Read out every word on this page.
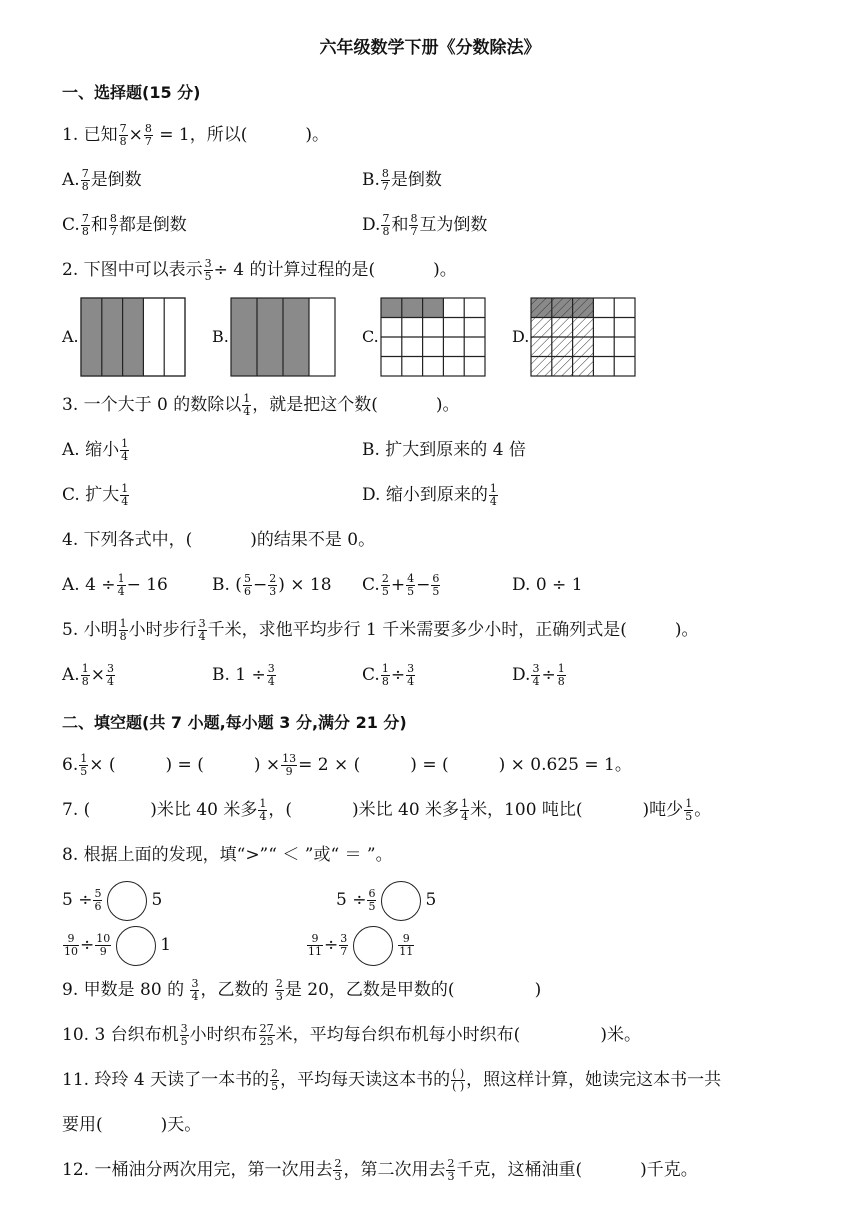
六年级数学下册《分数除法》
一、选择题(15 分)
1. 已知 $\frac{7}{8} \times \frac{8}{7} = 1$，所以(	)。
A. $\frac{7}{8}$ 是倒数	B. $\frac{8}{7}$ 是倒数
C. $\frac{7}{8}$ 和 $\frac{8}{7}$ 都是倒数	D. $\frac{7}{8}$ 和 $\frac{8}{7}$ 互为倒数
2. 下图中可以表示 $\frac{3}{5} \div 4$ 的计算过程的是(	)。
A.	B.	C.	D.
3. 一个大于 0 的数除以 $\frac{1}{4}$ ，就是把这个数(	)。
A. 缩小 $\frac{1}{4}$	B. 扩大到原来的 4 倍
C. 扩大 $\frac{1}{4}$	D. 缩小到原来的 $\frac{1}{4}$
4. 下列各式中，(	)的结果不是 0。
A. $4 \div \frac{1}{4} - 16$	B. ( $\frac{5}{6} - \frac{2}{3}$ ) × 18 C. $\frac{2}{5} + \frac{4}{5} - \frac{6}{5}$	D. 0 ÷ 1
5. 小明 $\frac{1}{8}$ 小时步行 $\frac{3}{4}$ 千米，求他平均步行 1 千米需要多少小时，正确列式是(	)。
A. $\frac{1}{8} \times \frac{3}{4}$	B. $1 \div \frac{3}{4}$	C. $\frac{1}{8} \div \frac{3}{4}$	D. $\frac{3}{4} \div \frac{1}{8}$
二、填空题(共 7 小题,每小题 3 分,满分 21 分)
6. $\frac{1}{5}$ × (	) = (	) × $\frac{13}{9} = 2$ × (	) = (	) × 0.625 = 1。
7. (	)米比 40 米多 $\frac{1}{4}$ ，(	)米比 40 米多 $\frac{1}{4}$ 米，100 吨比(	)吨少 $\frac{1}{5}$ 。
8. 根据上面的发现，填“>”“ ＜ ”或“ ＝ ”。
$5 \div \frac{5}{6}$	5	$5 \div \frac{6}{5}$	5
$\frac{9}{10} \div \frac{10}{9}$	1	$\frac{9}{11} \div \frac{3}{7}$	$\frac{9}{11}$
9. 甲数是 80 的 $\frac{3}{4}$ ，乙数的 $\frac{2}{3}$ 是 20，乙数是甲数的(	)
10. 3 台织布机 $\frac{3}{5}$ 小时织布 $\frac{27}{25}$ 米，平均每台织布机每小时织布(	)米。
11. 玲玲 4 天读了一本书的 $\frac{2}{5}$ ，平均每天读这本书的 $\frac{( )}{( )}$ ，照这样计算，她读完这本书一共
要用(	)天。
12. 一桶油分两次用完，第一次用去 $\frac{2}{3}$ ，第二次用去 $\frac{2}{3}$ 千克，这桶油重(	)千克。
